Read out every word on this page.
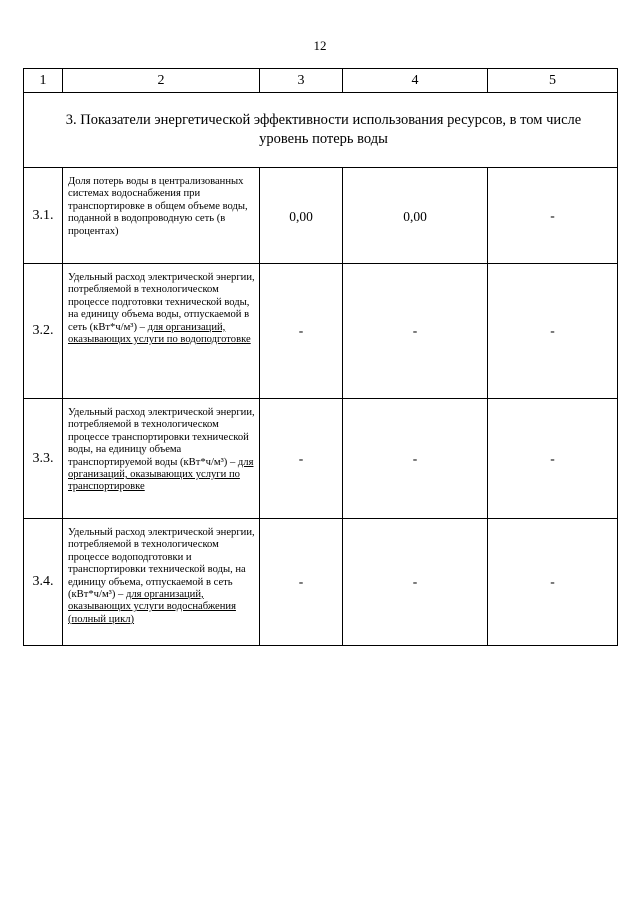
12
1	2	3	4	5

3. Показатели энергетической эффективности использования ресурсов, в том числе уровень потерь воды				

3.1.	Доля потерь воды в централизованных системах водоснабжения при транспортировке в общем объеме воды, поданной в водопроводную сеть (в процентах)	0,00	0,00	-
3.2.	Удельный расход электрической энергии, потребляемой в технологическом процессе подготовки технической воды, на единицу объема воды, отпускаемой в сеть (кВт*ч/м³) – для организаций, оказывающих услуги по водоподготовке	-	-	-
3.3.	Удельный расход электрической энергии, потребляемой в технологическом процессе транспортировки технической воды, на единицу объема транспортируемой воды (кВт*ч/м³) – для организаций, оказывающих услуги по транспортировке	-	-	-
3.4.	Удельный расход электрической энергии, потребляемой в технологическом процессе водоподготовки и транспортировки технической воды, на единицу объема, отпускаемой в сеть (кВт*ч/м³) – для организаций, оказывающих услуги водоснабжения (полный цикл)	-	-	-
